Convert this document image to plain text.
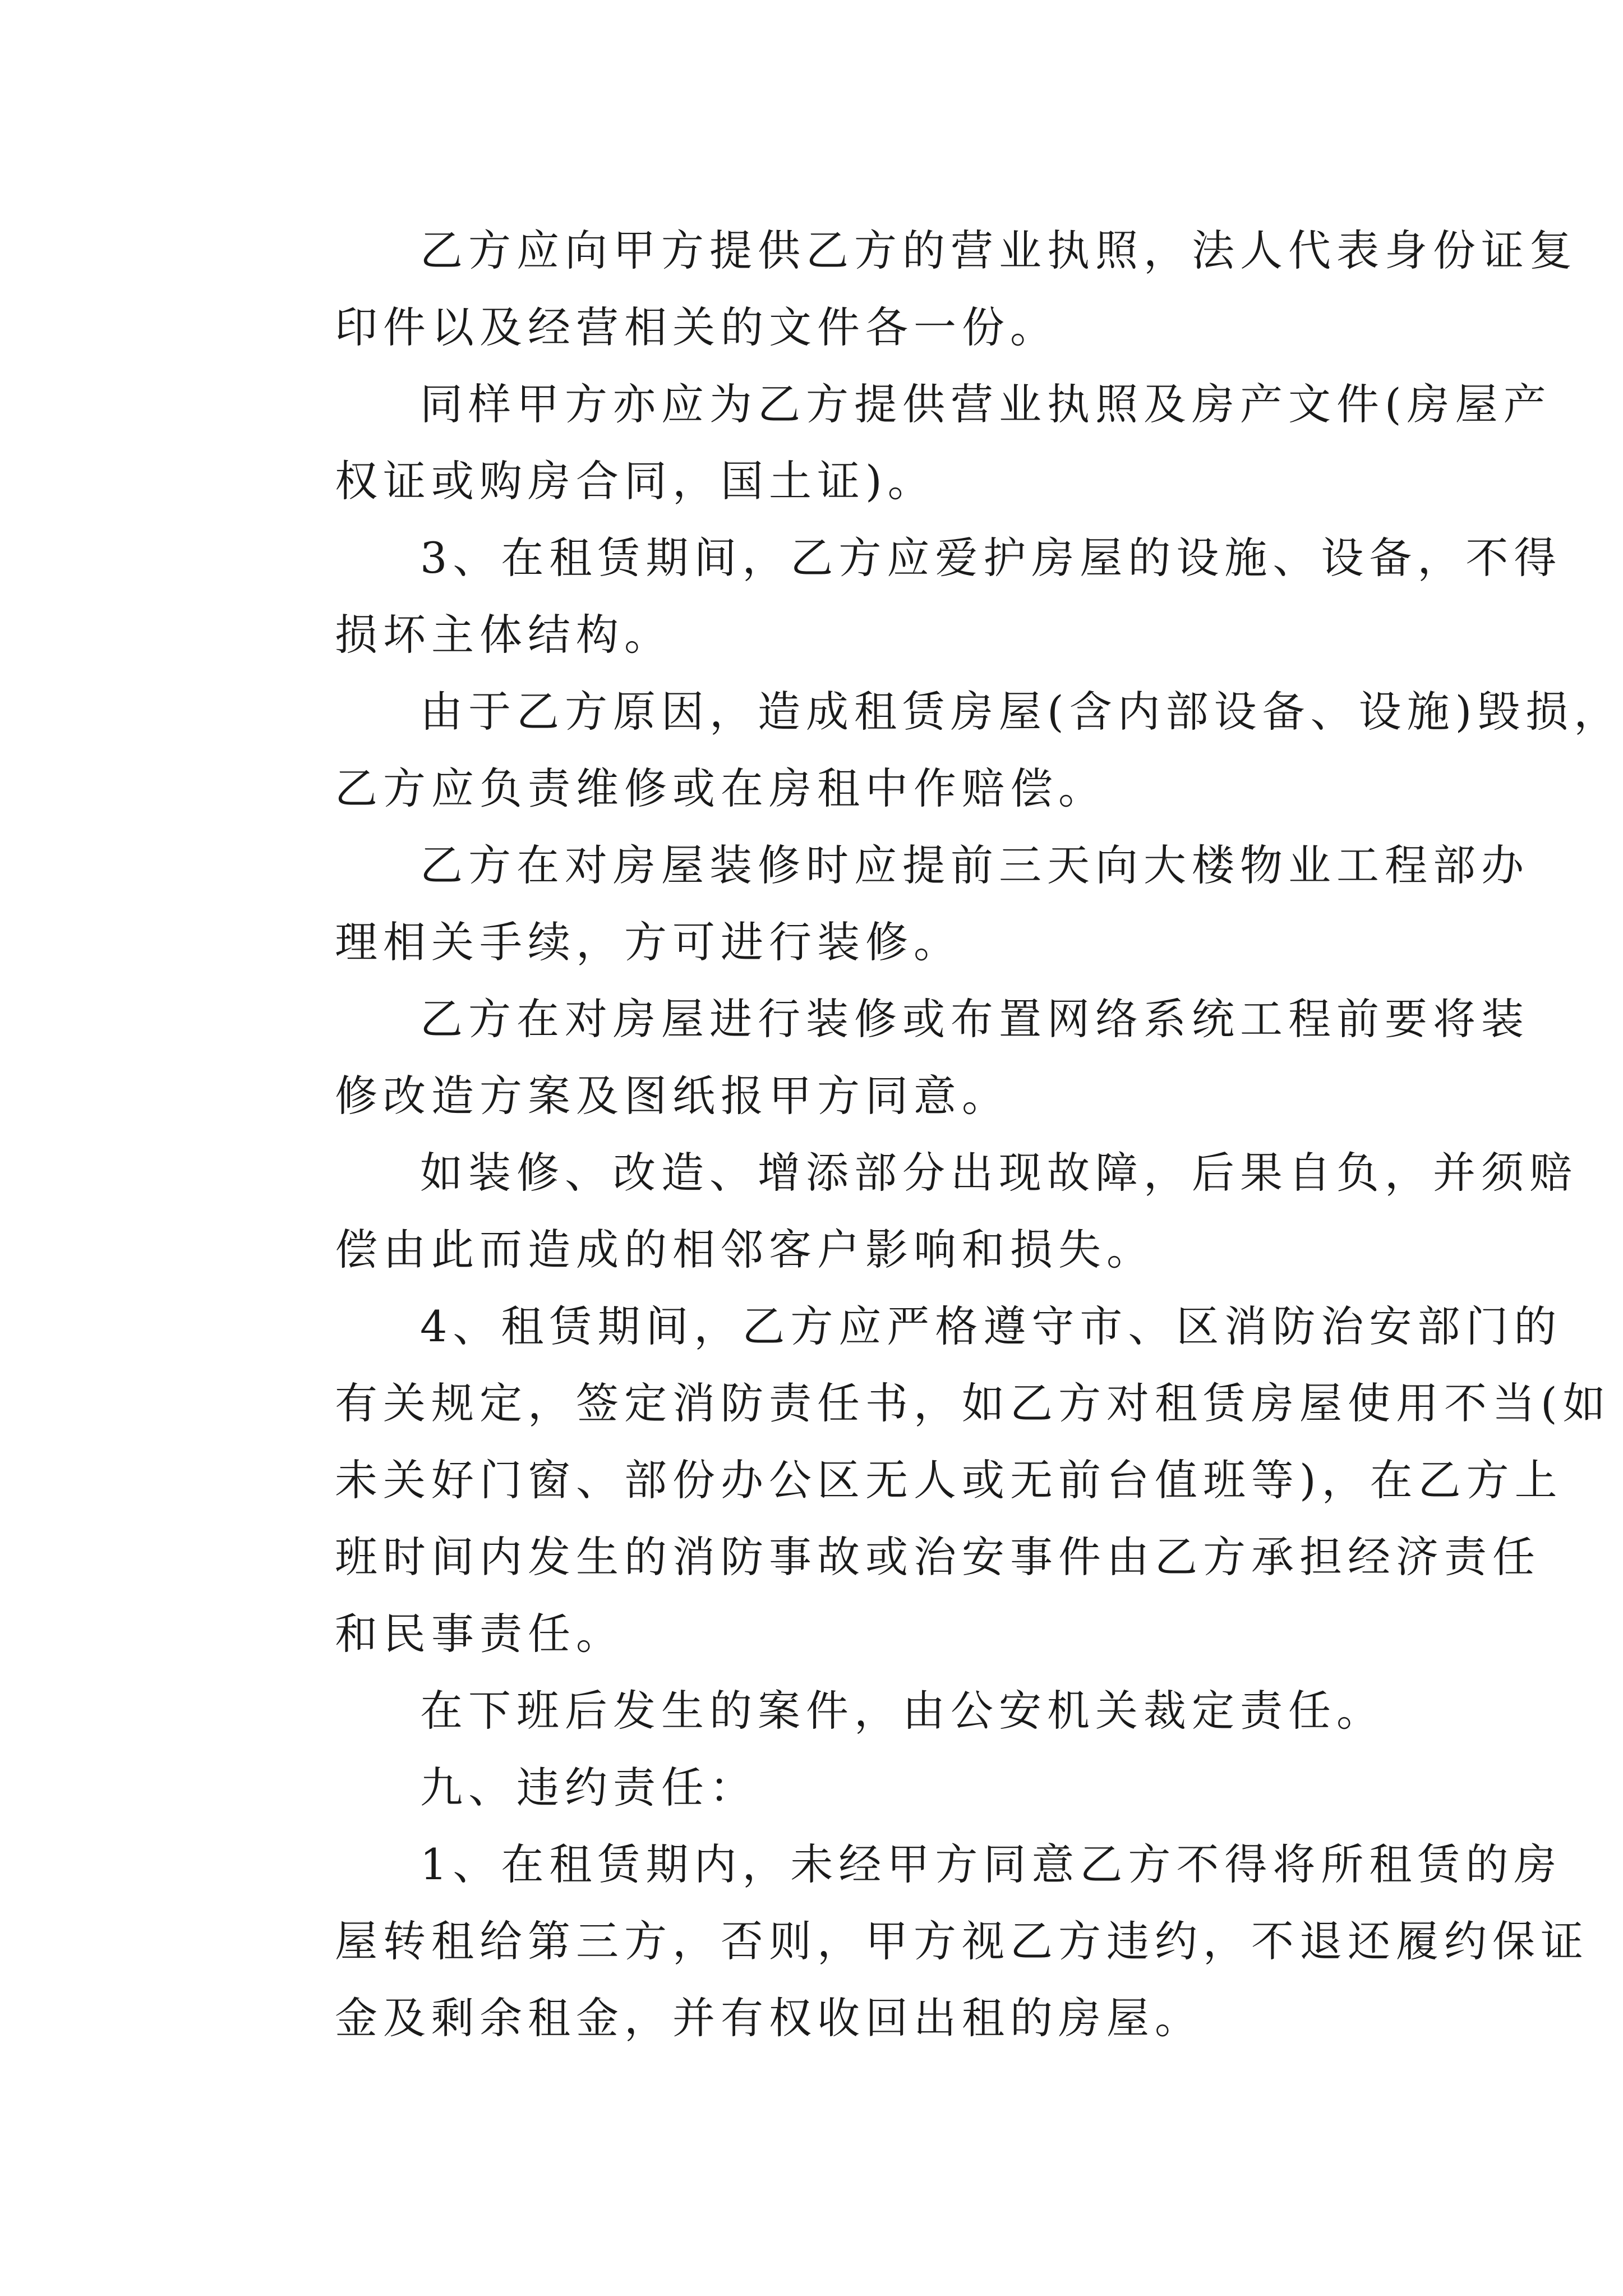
乙方应向甲方提供乙方的营业执照，法人代表身份证复
印件以及经营相关的文件各一份。
同样甲方亦应为乙方提供营业执照及房产文件(房屋产
权证或购房合同，国土证)。
3、在租赁期间，乙方应爱护房屋的设施、设备，不得
损坏主体结构。
由于乙方原因，造成租赁房屋(含内部设备、设施)毁损，
乙方应负责维修或在房租中作赔偿。
乙方在对房屋装修时应提前三天向大楼物业工程部办
理相关手续，方可进行装修。
乙方在对房屋进行装修或布置网络系统工程前要将装
修改造方案及图纸报甲方同意。
如装修、改造、增添部分出现故障，后果自负，并须赔
偿由此而造成的相邻客户影响和损失。
4、租赁期间，乙方应严格遵守市、区消防治安部门的
有关规定，签定消防责任书，如乙方对租赁房屋使用不当(如
未关好门窗、部份办公区无人或无前台值班等)，在乙方上
班时间内发生的消防事故或治安事件由乙方承担经济责任
和民事责任。
在下班后发生的案件，由公安机关裁定责任。
九、违约责任：
1、在租赁期内，未经甲方同意乙方不得将所租赁的房
屋转租给第三方，否则，甲方视乙方违约，不退还履约保证
金及剩余租金，并有权收回出租的房屋。
